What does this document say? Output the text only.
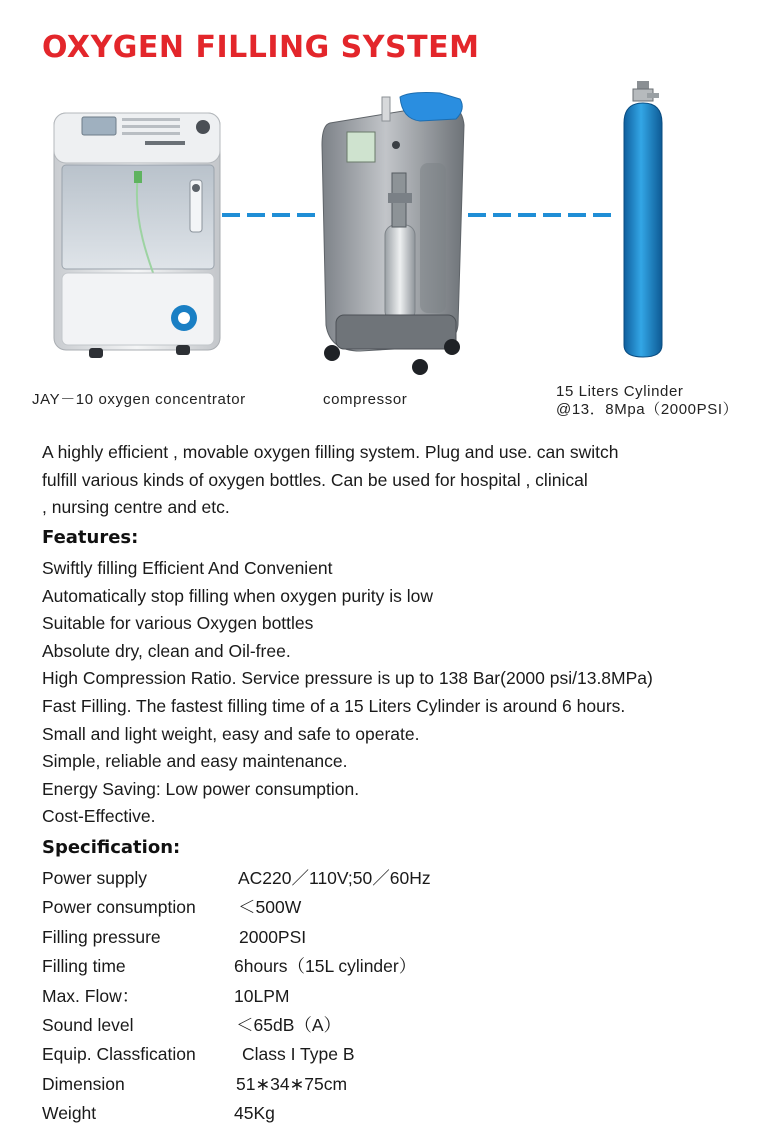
OXYGEN FILLING SYSTEM
JAY－10 oxygen concentrator	compressor	15 Liters Cylinder
@13．8Mpa（2000PSI）
A highly efficient , movable oxygen filling system. Plug and use. can switch
fulfill various kinds of oxygen bottles. Can be used for hospital , clinical
, nursing centre and etc.
Features:
Swiftly filling Efficient And Convenient
Automatically stop filling when oxygen purity is low
Suitable for various Oxygen bottles
Absolute dry, clean and Oil-free.
High Compression Ratio. Service pressure is up to 138 Bar(2000 psi/13.8MPa)
Fast Filling. The fastest filling time of a 15 Liters Cylinder is around 6 hours.
Small and light weight, easy and safe to operate.
Simple, reliable and easy maintenance.
Energy Saving: Low power consumption.
Cost-Effective.
Specification:
Power supply	AC220／110V;50／60Hz
Power consumption ＜500W
Filling pressure	2000PSI
Filling time	6hours（15L cylinder）
Max. Flow：	10LPM
Sound level	＜65dB（A）
Equip. Classfication	Class I Type B
Dimension	51∗34∗75cm
Weight	45Kg
